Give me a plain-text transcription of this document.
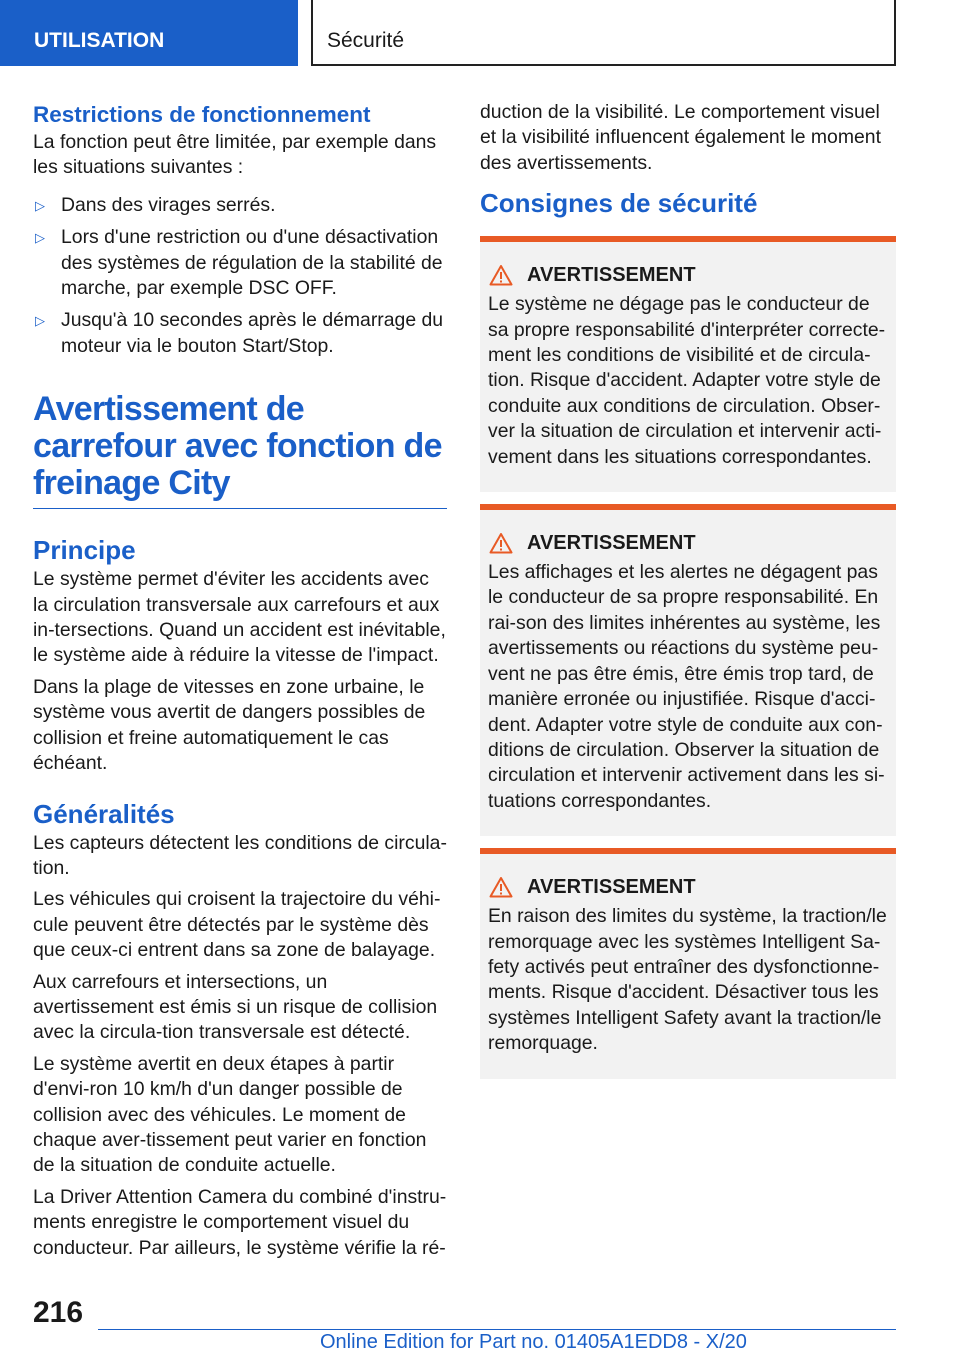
UTILISATION	Sécurité
Restrictions de fonctionnement

La fonction peut être limitée, par exemple dans les situations suivantes :

▷ Dans des virages serrés.
▷ Lors d'une restriction ou d'une désactivation des systèmes de régulation de la stabilité de marche, par exemple DSC OFF.
▷ Jusqu'à 10 secondes après le démarrage du moteur via le bouton Start/Stop.
Avertissement de carrefour avec fonction de freinage City
Principe

Le système permet d'éviter les accidents avec la circulation transversale aux carrefours et aux in-tersections. Quand un accident est inévitable, le système aide à réduire la vitesse de l'impact.

Dans la plage de vitesses en zone urbaine, le système vous avertit de dangers possibles de collision et freine automatiquement le cas échéant.

Généralités

Les capteurs détectent les conditions de circula-tion.

Les véhicules qui croisent la trajectoire du véhi-cule peuvent être détectés par le système dès que ceux-ci entrent dans sa zone de balayage.

Aux carrefours et intersections, un avertissement est émis si un risque de collision avec la circula-tion transversale est détecté.

Le système avertit en deux étapes à partir d'envi-ron 10 km/h d'un danger possible de collision avec des véhicules. Le moment de chaque aver-tissement peut varier en fonction de la situation de conduite actuelle.

La Driver Attention Camera du combiné d'instru-ments enregistre le comportement visuel du conducteur. Par ailleurs, le système vérifie la ré-

duction de la visibilité. Le comportement visuel et la visibilité influencent également le moment des avertissements.

Consignes de sécurité
AVERTISSEMENT

Le système ne dégage pas le conducteur de sa propre responsabilité d'interpréter correcte-ment les conditions de visibilité et de circula-tion. Risque d'accident. Adapter votre style de conduite aux conditions de circulation. Obser-ver la situation de circulation et intervenir acti-vement dans les situations correspondantes.

AVERTISSEMENT

Les affichages et les alertes ne dégagent pas le conducteur de sa propre responsabilité. En rai-son des limites inhérentes au système, les avertissements ou réactions du système peu-vent ne pas être émis, être émis trop tard, de manière erronée ou injustifiée. Risque d'acci-dent. Adapter votre style de conduite aux con-ditions de circulation. Observer la situation de circulation et intervenir activement dans les si-tuations correspondantes.

AVERTISSEMENT

En raison des limites du système, la traction/le remorquage avec les systèmes Intelligent Sa-fety activés peut entraîner des dysfonctionne-ments. Risque d'accident. Désactiver tous les systèmes Intelligent Safety avant la traction/le remorquage.

216
Online Edition for Part no. 01405A1EDD8 - X/20
